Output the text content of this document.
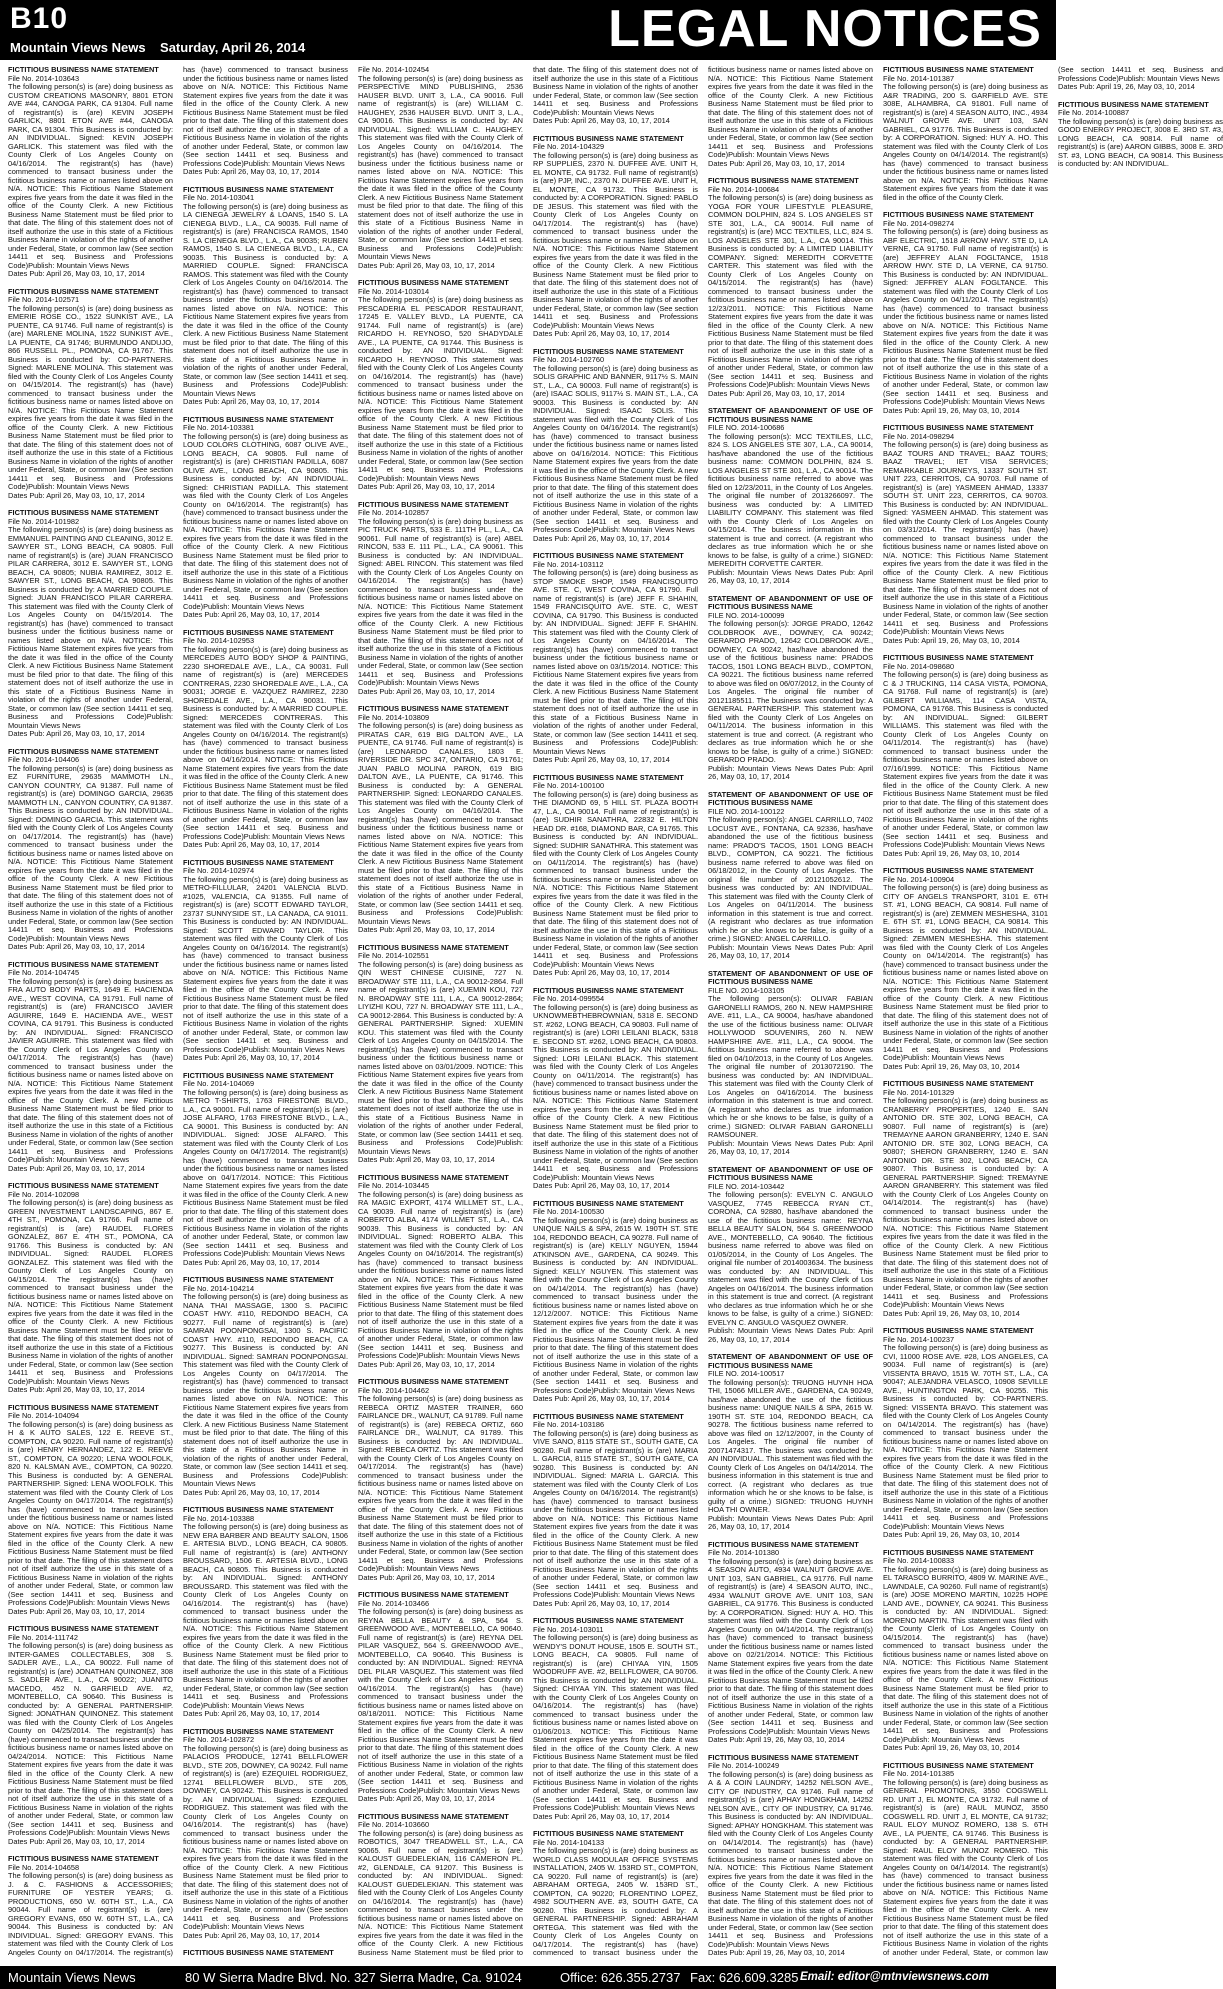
B10
Mountain Views News Saturday, April 26, 2014	LEGAL NOTICES
FICTITIOUS BUSINESS NAME STATEMENT
File No. 2014-103643
The following person(s) is (are) doing business as CUSTOM CREATIONS MASONRY, 8801 ETON AVE #44, CANOGA PARK, CA 91304. Full name of registrant(s) is (are) KEVIN JOSEPH GARLICK, 8801 ETON AVE #44, CANOGA PARK, CA 91304. This Business is conducted by: AN INDIVIDUAL. Signed: KEVIN JOSEPH GARLICK. This statement was filed with the County Clerk of Los Angeles County on 04/16/2014. The registrant(s) has (have) commenced to transact business under the fictitious business name or names listed above on N/A. NOTICE: This Fictitious Name Statement expires five years from the date it was filed in the office of the County Clerk. A new Fictitious Business Name Statement must be filed prior to that date. The filing of this statement does not of itself authorize the use in this state of a Fictitious Business Name in violation of the rights of another under Federal, State, or common law (See section 14411 et seq. Business and Professions Code)Publish: Mountain Views News
Dates Pub: April 26, May 03, 10, 17, 2014
FICTITIOUS BUSINESS NAME STATEMENT
File No. 2014-102571
The following person(s) is (are) doing business as EMERIE ROSE CO., 1522 SUNKIST AVE., LA PUENTE, CA 91746. Full name of registrant(s) is (are) MARLENE MOLINA, 1522 SUNKIST AVE., LA PUENTE, CA 91746; BURMUNDO ANDUJO, 866 RUSSELL PL., POMONA, CA 91767. This Business is conducted by: CO-PARTNERS. Signed: MARLENE MOLINA. This statement was filed with the County Clerk of Los Angeles County on 04/15/2014. The registrant(s) has (have) commenced to transact business under the fictitious business name or names listed above on N/A. NOTICE: This Fictitious Name Statement expires five years from the date it was filed in the office of the County Clerk. A new Fictitious Business Name Statement must be filed prior to that date. The filing of this statement does not of itself authorize the use in this state of a Fictitious Business Name in violation of the rights of another under Federal, State, or common law (See section 14411 et seq. Business and Professions Code)Publish: Mountain Views News
Dates Pub: April 26, May 03, 10, 17, 2014
FICTITIOUS BUSINESS NAME STATEMENT
File No. 2014-101982
The following person(s) is (are) doing business as EMMANUEL PAINTING AND CLEANING, 3012 E. SAWYER ST., LONG BEACH, CA 90805. Full name of registrant(s) is (are) JUAN FRANCISCO PILAR CARRERA, 3012 E. SAWYER ST., LONG BEACH, CA 90805; NUBIA RAMIREZ, 3012 E. SAWYER ST., LONG BEACH, CA 90805. This Business is conducted by: A MARRIED COUPLE. Signed: JUAN FRANCISCO PILAR CARRERA. This statement was filed with the County Clerk of Los Angeles County on 04/15/2014. The registrant(s) has (have) commenced to transact business under the fictitious business name or names listed above on N/A. NOTICE: This Fictitious Name Statement expires five years from the date it was filed in the office of the County Clerk. A new Fictitious Business Name Statement must be filed prior to that date. The filing of this statement does not of itself authorize the use in this state of a Fictitious Business Name in violation of the rights of another under Federal, State, or common law (See section 14411 et seq. Business and Professions Code)Publish: Mountain Views News
Dates Pub: April 26, May 03, 10, 17, 2014
FICTITIOUS BUSINESS NAME STATEMENT
File No. 2014-104406
The following person(s) is (are) doing business as EZ FURNITURE, 29635 MAMMOTH LN., CANYON COUNTRY, CA 91387. Full name of registrant(s) is (are) DOMINGO GARCIA, 29635 MAMMOTH LN., CANYON COUNTRY, CA 91387. This Business is conducted by: AN INDIVIDUAL. Signed: DOMINGO GARCIA. This statement was filed with the County Clerk of Los Angeles County on 04/17/2014. The registrant(s) has (have) commenced to transact business under the fictitious business name or names listed above on N/A. NOTICE: This Fictitious Name Statement expires five years from the date it was filed in the office of the County Clerk. A new Fictitious Business Name Statement must be filed prior to that date. The filing of this statement does not of itself authorize the use in this state of a Fictitious Business Name in violation of the rights of another under Federal, State, or common law (See section 14411 et seq. Business and Professions Code)Publish: Mountain Views News
Dates Pub: April 26, May 03, 10, 17, 2014
FICTITIOUS BUSINESS NAME STATEMENT
File No. 2014-104745
The following person(s) is (are) doing business as FRA AUTO BODY PARTS, 1649 E. HACIENDA AVE., WEST COVINA, CA 91791. Full name of registrant(s) is (are) FRANCISCO JAVIER AGUIRRE, 1649 E. HACIENDA AVE., WEST COVINA, CA 91791. This Business is conducted by: AN INDIVIDUAL. Signed: FRANCISCO JAVIER AGUIRRE. This statement was filed with the County Clerk of Los Angeles County on 04/17/2014. The registrant(s) has (have) commenced to transact business under the fictitious business name or names listed above on N/A. NOTICE: This Fictitious Name Statement expires five years from the date it was filed in the office of the County Clerk. A new Fictitious Business Name Statement must be filed prior to that date. The filing of this statement does not of itself authorize the use in this state of a Fictitious Business Name in violation of the rights of another under Federal, State, or common law (See section 14411 et seq. Business and Professions Code)Publish: Mountain Views News
Dates Pub: April 26, May 03, 10, 17, 2014
FICTITIOUS BUSINESS NAME STATEMENT
File No. 2014-102098
The following person(s) is (are) doing business as GREEN INVESTMENT LANDSCAPING, 867 E. 4TH ST., POMONA, CA 91766. Full name of registrant(s) is (are) RAUDEL FLORES GONZALEZ, 867 E. 4TH ST., POMONA, CA 91766. This Business is conducted by: AN INDIVIDUAL. Signed: RAUDEL FLORES GONZALEZ. This statement was filed with the County Clerk of Los Angeles County on 04/15/2014. The registrant(s) has (have) commenced to transact business under the fictitious business name or names listed above on N/A. NOTICE: This Fictitious Name Statement expires five years from the date it was filed in the office of the County Clerk. A new Fictitious Business Name Statement must be filed prior to that date. The filing of this statement does not of itself authorize the use in this state of a Fictitious Business Name in violation of the rights of another under Federal, State, or common law (See section 14411 et seq. Business and Professions Code)Publish: Mountain Views News
Dates Pub: April 26, May 03, 10, 17, 2014
FICTITIOUS BUSINESS NAME STATEMENT
File No. 2014-104094
The following person(s) is (are) doing business as H & K AUTO SALES, 122 E. REEVE ST., COMPTON, CA 90220. Full name of registrant(s) is (are) HENRY HERNANDEZ, 122 E. REEVE ST., COMPTON, CA 90220; LENA WOOLFOLK, 820 N. KALSMAN AVE., COMPTON, CA 90220. This Business is conducted by: A GENERAL PARTNERSHIP. Signed: LENA WOOLFOLK. This statement was filed with the County Clerk of Los Angeles County on 04/17/2014. The registrant(s) has (have) commenced to transact business under the fictitious business name or names listed above on N/A. NOTICE: This Fictitious Name Statement expires five years from the date it was filed in the office of the County Clerk. A new Fictitious Business Name Statement must be filed prior to that date. The filing of this statement does not of itself authorize the use in this state of a Fictitious Business Name in violation of the rights of another under Federal, State, or common law (See section 14411 et seq. Business and Professions Code)Publish: Mountain Views News
Dates Pub: April 26, May 03, 10, 17, 2014
FICTITIOUS BUSINESS NAME STATEMENT
File No. 2014-111742
The following person(s) is (are) doing business as INTER-GAMES COLLECTABLES, 308 S. SADLER AVE., L.A., CA 90022. Full name of registrant(s) is (are) JONATHAN QUINONEZ, 308 S. SADLER AVE., L.A., CA 90022; JUANITO MACEDO, 452 N. GARFIELD AVE. #2, MONTEBELLO, CA 90640. This Business is conducted by: A GENERAL PARTNERSHIP. Signed: JONATHAN QUINONEZ. This statement was filed with the County Clerk of Los Angeles County on 04/25/2014. The registrant(s) has (have) commenced to transact business under the fictitious business name or names listed above on 04/24/2014. NOTICE: This Fictitious Name Statement expires five years from the date it was filed in the office of the County Clerk. A new Fictitious Business Name Statement must be filed prior to that date. The filing of this statement does not of itself authorize the use in this state of a Fictitious Business Name in violation of the rights of another under Federal, State, or common law (See section 14411 et seq. Business and Professions Code)Publish: Mountain Views News
Dates Pub: April 26, May 03, 10, 17, 2014
FICTITIOUS BUSINESS NAME STATEMENT
File No. 2014-104658
The following person(s) is (are) doing business as J. & C. FASHIONS & ACCESSORIES; FURNITURE OF YESTER YEARS; G. PRODUCTIONS, 650 W. 60TH ST., L.A., CA 90044. Full name of registrant(s) is (are) GREGORY EVANS, 650 W. 60TH ST., L.A., CA 90044. This Business is conducted by: AN INDIVIDUAL. Signed: GREGORY EVANS. This statement was filed with the County Clerk of Los Angeles County on 04/17/2014. The registrant(s) has (have) commenced to transact business under the fictitious business name or names listed above on N/A. NOTICE: This Fictitious Name Statement expires five years from the date it was filed in the office of the County Clerk. A new Fictitious Business Name Statement must be filed prior to that date. The filing of this statement does not of itself authorize the use in this state of a Fictitious Business Name in violation of the rights of another under Federal, State, or common law (See section 14411 et seq. Business and Professions Code)Publish: Mountain Views News
Dates Pub: April 26, May 03, 10, 17, 2014
FICTITIOUS BUSINESS NAME STATEMENT
File No. 2014-103041
The following person(s) is (are) doing business as LA CIENEGA JEWELRY & LOANS, 1540 S. LA CIENEGA BLVD., L.A., CA 90035. Full name of registrant(s) is (are) FRANCISCA RAMOS, 1540 S. LA CIENEGA BLVD., L.A., CA 90035; RUBEN RAMOS, 1540 S. LA CIENEGA BLVD., L.A., CA 90035. This Business is conducted by: A MARRIED COUPLE. Signed: FRANCISCA RAMOS. This statement was filed with the County Clerk of Los Angeles County on 04/16/2014. The registrant(s) has (have) commenced to transact business under the fictitious business name or names listed above on N/A. NOTICE: This Fictitious Name Statement expires five years from the date it was filed in the office of the County Clerk. A new Fictitious Business Name Statement must be filed prior to that date. The filing of this statement does not of itself authorize the use in this state of a Fictitious Business Name in violation of the rights of another under Federal, State, or common law (See section 14411 et seq. Business and Professions Code)Publish: Mountain Views News
Dates Pub: April 26, May 03, 10, 17, 2014
FICTITIOUS BUSINESS NAME STATEMENT
File No. 2014-103381
The following person(s) is (are) doing business as LOUD COLORS CLOTHING, 6087 OLIVE AVE., LONG BEACH, CA 90805. Full name of registrant(s) is (are) CHRISTIAN PADILLA, 6087 OLIVE AVE., LONG BEACH, CA 90805. This Business is conducted by: AN INDIVIDUAL. Signed: CHRISTIAN PADILLA. This statement was filed with the County Clerk of Los Angeles County on 04/16/2014. The registrant(s) has (have) commenced to transact business under the fictitious business name or names listed above on N/A. NOTICE: This Fictitious Name Statement expires five years from the date it was filed in the office of the County Clerk. A new Fictitious Business Name Statement must be filed prior to that date. The filing of this statement does not of itself authorize the use in this state of a Fictitious Business Name in violation of the rights of another under Federal, State, or common law (See section 14411 et seq. Business and Professions Code)Publish: Mountain Views News
Dates Pub: April 26, May 03, 10, 17, 2014
FICTITIOUS BUSINESS NAME STATEMENT
File No. 2014-102953
The following person(s) is (are) doing business as MERCEDES AUTO BODY SHOP & PAINTING, 2230 SHOREDALE AVE., L.A., CA 90031. Full name of registrant(s) is (are) MERCEDES CONTRERAS, 2230 SHOREDALE AVE., L.A., CA 90031; JORGE E. VAZQUEZ RAMIREZ, 2230 SHOREDALE AVE., L.A., CA 90031. This Business is conducted by: A MARRIED COUPLE. Signed: MERCEDES CONTRERAS. This statement was filed with the County Clerk of Los Angeles County on 04/16/2014. The registrant(s) has (have) commenced to transact business under the fictitious business name or names listed above on 04/16/2014. NOTICE: This Fictitious Name Statement expires five years from the date it was filed in the office of the County Clerk. A new Fictitious Business Name Statement must be filed prior to that date. The filing of this statement does not of itself authorize the use in this state of a Fictitious Business Name in violation of the rights of another under Federal, State, or common law (See section 14411 et seq. Business and Professions Code)Publish: Mountain Views News
Dates Pub: April 26, May 03, 10, 17, 2014
FICTITIOUS BUSINESS NAME STATEMENT
File No. 2014-102974
The following person(s) is (are) doing business as METRO-FILLULAR, 24201 VALENCIA BLVD. #1025, VALENCIA, CA 91355. Full name of registrant(s) is (are) SCOTT EDWARD TAYLOR, 23737 SUNNYSIDE ST., LA CANADA, CA 91011. This Business is conducted by: AN INDIVIDUAL. Signed: SCOTT EDWARD TAYLOR. This statement was filed with the County Clerk of Los Angeles County on 04/16/2014. The registrant(s) has (have) commenced to transact business under the fictitious business name or names listed above on N/A. NOTICE: This Fictitious Name Statement expires five years from the date it was filed in the office of the County Clerk. A new Fictitious Business Name Statement must be filed prior to that date. The filing of this statement does not of itself authorize the use in this state of a Fictitious Business Name in violation of the rights of another under Federal, State, or common law (See section 14411 et seq. Business and Professions Code)Publish: Mountain Views News
Dates Pub: April 26, May 03, 10, 17, 2014
FICTITIOUS BUSINESS NAME STATEMENT
File No. 2014-104069
The following person(s) is (are) doing business as METRO T-SHIRTS, 1763 FIRESTONE BLVD., L.A., CA 90001. Full name of registrant(s) is (are) JOSE ALFARO, 1763 FIRESTONE BLVD., L.A., CA 90001. This Business is conducted by: AN INDIVIDUAL. Signed: JOSE ALFARO. This statement was filed with the County Clerk of Los Angeles County on 04/17/2014. The registrant(s) has (have) commenced to transact business under the fictitious business name or names listed above on 04/17/2014. NOTICE: This Fictitious Name Statement expires five years from the date it was filed in the office of the County Clerk. A new Fictitious Business Name Statement must be filed prior to that date. The filing of this statement does not of itself authorize the use in this state of a Fictitious Business Name in violation of the rights of another under Federal, State, or common law (See section 14411 et seq. Business and Professions Code)Publish: Mountain Views News
Dates Pub: April 26, May 03, 10, 17, 2014
FICTITIOUS BUSINESS NAME STATEMENT
File No. 2014-104214
The following person(s) is (are) doing business as NANA THAI MASSAGE, 1300 S. PACIFIC COAST HWY. #110, REDONDO BEACH, CA 90277. Full name of registrant(s) is (are) SAMRAN POONPONGSAI, 1300 S. PACIFIC COAST HWY. #110, REDONDO BEACH, CA 90277. This Business is conducted by: AN INDIVIDUAL. Signed: SAMRAN POONPONGSAI. This statement was filed with the County Clerk of Los Angeles County on 04/17/2014. The registrant(s) has (have) commenced to transact business under the fictitious business name or names listed above on N/A. NOTICE: This Fictitious Name Statement expires five years from the date it was filed in the office of the County Clerk. A new Fictitious Business Name Statement must be filed prior to that date. The filing of this statement does not of itself authorize the use in this state of a Fictitious Business Name in violation of the rights of another under Federal, State, or common law (See section 14411 et seq. Business and Professions Code)Publish: Mountain Views News
Dates Pub: April 26, May 03, 10, 17, 2014
FICTITIOUS BUSINESS NAME STATEMENT
File No. 2014-103388
The following person(s) is (are) doing business as NEW ERA BARBER AND BEAUTY SALON, 1506 E. ARTESIA BLVD., LONG BEACH, CA 90805. Full name of registrant(s) is (are) ANTHONY BROUSSARD, 1506 E. ARTESIA BLVD., LONG BEACH, CA 90805. This Business is conducted by: AN INDIVIDUAL. Signed: ANTHONY BROUSSARD. This statement was filed with the County Clerk of Los Angeles County on 04/16/2014. The registrant(s) has (have) commenced to transact business under the fictitious business name or names listed above on N/A. NOTICE: This Fictitious Name Statement expires five years from the date it was filed in the office of the County Clerk. A new Fictitious Business Name Statement must be filed prior to that date. The filing of this statement does not of itself authorize the use in this state of a Fictitious Business Name in violation of the rights of another under Federal, State, or common law (See section 14411 et seq. Business and Professions Code)Publish: Mountain Views News
Dates Pub: April 26, May 03, 10, 17, 2014
FICTITIOUS BUSINESS NAME STATEMENT
File No. 2014-102872
The following person(s) is (are) doing business as PALACIOS PRODUCE, 12741 BELLFLOWER BLVD., STE 205, DOWNEY, CA 90242. Full name of registrant(s) is (are) EZEQUIEL RODRIGUEZ, 12741 BELLFLOWER BLVD., STE 205, DOWNEY, CA 90242. This Business is conducted by: AN INDIVIDUAL. Signed: EZEQUIEL RODRIGUEZ. This statement was filed with the County Clerk of Los Angeles County on 04/16/2014. The registrant(s) has (have) commenced to transact business under the fictitious business name or names listed above on N/A. NOTICE: This Fictitious Name Statement expires five years from the date it was filed in the office of the County Clerk. A new Fictitious Business Name Statement must be filed prior to that date. The filing of this statement does not of itself authorize the use in this state of a Fictitious Business Name in violation of the rights of another under Federal, State, or common law (See section 14411 et seq. Business and Professions Code)Publish: Mountain Views News
Dates Pub: April 26, May 03, 10, 17, 2014
FICTITIOUS BUSINESS NAME STATEMENT
File No. 2014-102454
The following person(s) is (are) doing business as PERSPECTIVE MIND PUBLISHING, 2536 HAUSER BLVD. UNIT 3, L.A., CA 90016. Full name of registrant(s) is (are) WILLIAM C. HAUGHEY, 2536 HAUSER BLVD. UNIT 3, L.A., CA 90016. This Business is conducted by: AN INDIVIDUAL. Signed: WILLIAM C. HAUGHEY. This statement was filed with the County Clerk of Los Angeles County on 04/16/2014. The registrant(s) has (have) commenced to transact business under the fictitious business name or names listed above on N/A. NOTICE: This Fictitious Name Statement expires five years from the date it was filed in the office of the County Clerk. A new Fictitious Business Name Statement must be filed prior to that date. The filing of this statement does not of itself authorize the use in this state of a Fictitious Business Name in violation of the rights of another under Federal, State, or common law (See section 14411 et seq. Business and Professions Code)Publish: Mountain Views News
Dates Pub: April 26, May 03, 10, 17, 2014
FICTITIOUS BUSINESS NAME STATEMENT
File No. 2014-103014
The following person(s) is (are) doing business as PESCADERIA EL PESCADOR RESTAURANT, 17245 E. VALLEY BLVD., LA PUENTE, CA 91744. Full name of registrant(s) is (are) RICARDO H. REYNOSO, 520 SHADYDALE AVE., LA PUENTE, CA 91744. This Business is conducted by: AN INDIVIDUAL. Signed: RICARDO H. REYNOSO. This statement was filed with the County Clerk of Los Angeles County on 04/16/2014. The registrant(s) has (have) commenced to transact business under the fictitious business name or names listed above on N/A. NOTICE: This Fictitious Name Statement expires five years from the date it was filed in the office of the County Clerk. A new Fictitious Business Name Statement must be filed prior to that date. The filing of this statement does not of itself authorize the use in this state of a Fictitious Business Name in violation of the rights of another under Federal, State, or common law (See section 14411 et seq. Business and Professions Code)Publish: Mountain Views News
Dates Pub: April 26, May 03, 10, 17, 2014
FICTITIOUS BUSINESS NAME STATEMENT
File No. 2014-102857
The following person(s) is (are) doing business as PIC TRUCK PARTS, 533 E. 111TH PL., L.A., CA 90061. Full name of registrant(s) is (are) ABEL RINCON, 533 E. 111 PL., L.A., CA 90061. This Business is conducted by: AN INDIVIDUAL. Signed: ABEL RINCON. This statement was filed with the County Clerk of Los Angeles County on 04/16/2014. The registrant(s) has (have) commenced to transact business under the fictitious business name or names listed above on N/A. NOTICE: This Fictitious Name Statement expires five years from the date it was filed in the office of the County Clerk. A new Fictitious Business Name Statement must be filed prior to that date. The filing of this statement does not of itself authorize the use in this state of a Fictitious Business Name in violation of the rights of another under Federal, State, or common law (See section 14411 et seq. Business and Professions Code)Publish: Mountain Views News
Dates Pub: April 26, May 03, 10, 17, 2014
FICTITIOUS BUSINESS NAME STATEMENT
File No. 2014-103809
The following person(s) is (are) doing business as PIRATAS CAR, 619 BIG DALTON AVE., LA PUENTE, CA 91746. Full name of registrant(s) is (are) LEONARDO CANALES, 1803 E. RIVERSIDE DR. SPC 347, ONTARIO, CA 91761; JUAN PABLO MOLINA PARON, 619 BIG DALTON AVE., LA PUENTE, CA 91746. This Business is conducted by: A GENERAL PARTNERSHIP. Signed: LEONARDO CANALES. This statement was filed with the County Clerk of Los Angeles County on 04/16/2014. The registrant(s) has (have) commenced to transact business under the fictitious business name or names listed above on N/A. NOTICE: This Fictitious Name Statement expires five years from the date it was filed in the office of the County Clerk. A new Fictitious Business Name Statement must be filed prior to that date. The filing of this statement does not of itself authorize the use in this state of a Fictitious Business Name in violation of the rights of another under Federal, State, or common law (See section 14411 et seq. Business and Professions Code)Publish: Mountain Views News
Dates Pub: April 26, May 03, 10, 17, 2014
FICTITIOUS BUSINESS NAME STATEMENT
File No. 2014-102551
The following person(s) is (are) doing business as QIN WEST CHINESE CUISINE, 727 N. BROADWAY STE 111, L.A., CA 90012-2864. Full name of registrant(s) is (are) XUEMIN KOU, 727 N. BROADWAY STE 111, L.A., CA 90012-2864; LIYIZHI KOU, 727 N. BROADWAY STE 111, L.A., CA 90012-2864. This Business is conducted by: A GENERAL PARTNERSHIP. Signed: XUEMIN KOU. This statement was filed with the County Clerk of Los Angeles County on 04/15/2014. The registrant(s) has (have) commenced to transact business under the fictitious business name or names listed above on 03/01/2009. NOTICE: This Fictitious Name Statement expires five years from the date it was filed in the office of the County Clerk. A new Fictitious Business Name Statement must be filed prior to that date. The filing of this statement does not of itself authorize the use in this state of a Fictitious Business Name in violation of the rights of another under Federal, State, or common law (See section 14411 et seq. Business and Professions Code)Publish: Mountain Views News
Dates Pub: April 26, May 03, 10, 17, 2014
FICTITIOUS BUSINESS NAME STATEMENT
File No. 2014-103445
The following person(s) is (are) doing business as RA MAGIC EXPORT, 4174 WILLMET ST., L.A., CA 90039. Full name of registrant(s) is (are) ROBERTO ALBA, 4174 WILLMET ST., L.A., CA 90039. This Business is conducted by: AN INDIVIDUAL. Signed: ROBERTO ALBA. This statement was filed with the County Clerk of Los Angeles County on 04/16/2014. The registrant(s) has (have) commenced to transact business under the fictitious business name or names listed above on N/A. NOTICE: This Fictitious Name Statement expires five years from the date it was filed in the office of the County Clerk. A new Fictitious Business Name Statement must be filed prior to that date. The filing of this statement does not of itself authorize the use in this state of a Fictitious Business Name in violation of the rights of another under Federal, State, or common law (See section 14411 et seq. Business and Professions Code)Publish: Mountain Views News
Dates Pub: April 26, May 03, 10, 17, 2014
FICTITIOUS BUSINESS NAME STATEMENT
File No. 2014-104462
The following person(s) is (are) doing business as REBECA ORTIZ MASTER TRAINER, 660 FAIRLANCE DR., WALNUT, CA 91789. Full name of registrant(s) is (are) REBECA ORTIZ, 660 FAIRLANCE DR., WALNUT, CA 91789. This Business is conducted by: AN INDIVIDUAL. Signed: REBECA ORTIZ. This statement was filed with the County Clerk of Los Angeles County on 04/17/2014. The registrant(s) has (have) commenced to transact business under the fictitious business name or names listed above on N/A. NOTICE: This Fictitious Name Statement expires five years from the date it was filed in the office of the County Clerk. A new Fictitious Business Name Statement must be filed prior to that date. The filing of this statement does not of itself authorize the use in this state of a Fictitious Business Name in violation of the rights of another under Federal, State, or common law (See section 14411 et seq. Business and Professions Code)Publish: Mountain Views News
Dates Pub: April 26, May 03, 10, 17, 2014
FICTITIOUS BUSINESS NAME STATEMENT
File No. 2014-103466
The following person(s) is (are) doing business as REYNA BELLA BEAUTY & SPA, 564 S. GREENWOOD AVE., MONTEBELLO, CA 90640. Full name of registrant(s) is (are) REYNA DEL PILAR VASQUEZ, 564 S. GREENWOOD AVE., MONTEBELLO, CA 90640. This Business is conducted by: AN INDIVIDUAL. Signed: REYNA DEL PILAR VASQUEZ. This statement was filed with the County Clerk of Los Angeles County on 04/16/2014. The registrant(s) has (have) commenced to transact business under the fictitious business name or names listed above on 08/18/2011. NOTICE: This Fictitious Name Statement expires five years from the date it was filed in the office of the County Clerk. A new Fictitious Business Name Statement must be filed prior to that date. The filing of this statement does not of itself authorize the use in this state of a Fictitious Business Name in violation of the rights of another under Federal, State, or common law (See section 14411 et seq. Business and Professions Code)Publish: Mountain Views News
Dates Pub: April 26, May 03, 10, 17, 2014
FICTITIOUS BUSINESS NAME STATEMENT
File No. 2014-103660
The following person(s) is (are) doing business as ROBOTICS, 3047 TREADWELL ST., L.A., CA 90065. Full name of registrant(s) is (are) KALOUST GUEDELEKIAN, 116 CAMERON PL. #2, GLENDALE, CA 91207. This Business is conducted by: AN INDIVIDUAL. Signed: KALOUST GUEDELEKIAN. This statement was filed with the County Clerk of Los Angeles County on 04/16/2014. The registrant(s) has (have) commenced to transact business under the fictitious business name or names listed above on N/A. NOTICE: This Fictitious Name Statement expires five years from the date it was filed in the office of the County Clerk. A new Fictitious Business Name Statement must be filed prior to that date. The filing of this statement does not of itself authorize the use in this state of a Fictitious Business Name in violation of the rights of another under Federal, State, or common law (See section 14411 et seq. Business and Professions Code)Publish: Mountain Views News
Dates Pub: April 26, May 03, 10, 17, 2014
FICTITIOUS BUSINESS NAME STATEMENT
File No. 2014-104329
The following person(s) is (are) doing business as RP SUPPLIES, 2370 N. DUFFEE AVE. UNIT H, EL MONTE, CA 91732. Full name of registrant(s) is (are) PJP, INC., 2370 N. DUFFEE AVE. UNIT H, EL MONTE, CA 91732. This Business is conducted by: A CORPORATION. Signed: PABLO DE JESUS. This statement was filed with the County Clerk of Los Angeles County on 04/17/2014. The registrant(s) has (have) commenced to transact business under the fictitious business name or names listed above on N/A. NOTICE: This Fictitious Name Statement expires five years from the date it was filed in the office of the County Clerk. A new Fictitious Business Name Statement must be filed prior to that date. The filing of this statement does not of itself authorize the use in this state of a Fictitious Business Name in violation of the rights of another under Federal, State, or common law (See section 14411 et seq. Business and Professions Code)Publish: Mountain Views News
Dates Pub: April 26, May 03, 10, 17, 2014
FICTITIOUS BUSINESS NAME STATEMENT
File No. 2014-102760
The following person(s) is (are) doing business as SOLIS GRAPHIC AND BANNER, 9117½ S. MAIN ST., L.A., CA 90003. Full name of registrant(s) is (are) ISAAC SOLIS, 9117½ S. MAIN ST., L.A., CA 90003. This Business is conducted by: AN INDIVIDUAL. Signed: ISAAC SOLIS. This statement was filed with the County Clerk of Los Angeles County on 04/16/2014. The registrant(s) has (have) commenced to transact business under the fictitious business name or names listed above on 04/16/2014. NOTICE: This Fictitious Name Statement expires five years from the date it was filed in the office of the County Clerk. A new Fictitious Business Name Statement must be filed prior to that date. The filing of this statement does not of itself authorize the use in this state of a Fictitious Business Name in violation of the rights of another under Federal, State, or common law (See section 14411 et seq. Business and Professions Code)Publish: Mountain Views News
Dates Pub: April 26, May 03, 10, 17, 2014
FICTITIOUS BUSINESS NAME STATEMENT
File No. 2014-103112
The following person(s) is (are) doing business as STOP SMOKE SHOP, 1549 FRANCISQUITO AVE. STE. C, WEST COVINA, CA 91790. Full name of registrant(s) is (are) JEFF F. SHAHIN, 1549 FRANCISQUITO AVE. STE. C, WEST COVINA, CA 91790. This Business is conducted by: AN INDIVIDUAL. Signed: JEFF F. SHAHIN. This statement was filed with the County Clerk of Los Angeles County on 04/16/2014. The registrant(s) has (have) commenced to transact business under the fictitious business name or names listed above on 03/15/2014. NOTICE: This Fictitious Name Statement expires five years from the date it was filed in the office of the County Clerk. A new Fictitious Business Name Statement must be filed prior to that date. The filing of this statement does not of itself authorize the use in this state of a Fictitious Business Name in violation of the rights of another under Federal, State, or common law (See section 14411 et seq. Business and Professions Code)Publish: Mountain Views News
Dates Pub: April 26, May 03, 10, 17, 2014
FICTITIOUS BUSINESS NAME STATEMENT
File No. 2014-100100
The following person(s) is (are) doing business as THE DIAMOND 69, 5 HILL ST. PLAZA BOOTH 47, L.A., CA 90014. Full name of registrant(s) is (are) SUDHIR SANATHRA, 22832 E. HILTON HEAD DR. #168, DIAMOND BAR, CA 91765. This Business is conducted by: AN INDIVIDUAL. Signed: SUDHIR SANATHRA. This statement was filed with the County Clerk of Los Angeles County on 04/11/2014. The registrant(s) has (have) commenced to transact business under the fictitious business name or names listed above on N/A. NOTICE: This Fictitious Name Statement expires five years from the date it was filed in the office of the County Clerk. A new Fictitious Business Name Statement must be filed prior to that date. The filing of this statement does not of itself authorize the use in this state of a Fictitious Business Name in violation of the rights of another under Federal, State, or common law (See section 14411 et seq. Business and Professions Code)Publish: Mountain Views News
Dates Pub: April 26, May 03, 10, 17, 2014
FICTITIOUS BUSINESS NAME STATEMENT
File No. 2014-099554
The following person(s) is (are) doing business as UKNOWMEBTHEBROWNIAN, 5318 E. SECOND ST. #262, LONG BEACH, CA 90803. Full name of registrant(s) is (are) LORI LEILANI BLACK, 5318 E. SECOND ST. #262, LONG BEACH, CA 90803. This Business is conducted by: AN INDIVIDUAL. Signed: LORI LEILANI BLACK. This statement was filed with the County Clerk of Los Angeles County on 04/11/2014. The registrant(s) has (have) commenced to transact business under the fictitious business name or names listed above on N/A. NOTICE: This Fictitious Name Statement expires five years from the date it was filed in the office of the County Clerk. A new Fictitious Business Name Statement must be filed prior to that date. The filing of this statement does not of itself authorize the use in this state of a Fictitious Business Name in violation of the rights of another under Federal, State, or common law (See section 14411 et seq. Business and Professions Code)Publish: Mountain Views News
Dates Pub: April 26, May 03, 10, 17, 2014
FICTITIOUS BUSINESS NAME STATEMENT
File No. 2014-100530
The following person(s) is (are) doing business as UNIQUE NAILS & SPA, 2615 W. 190TH ST. STE 104, REDONDO BEACH, CA 90278. Full name of registrant(s) is (are) KELLY NGUYEN, 15944 ATKINSON AVE., GARDENA, CA 90249. This Business is conducted by: AN INDIVIDUAL. Signed: KELLY NGUYEN. This statement was filed with the County Clerk of Los Angeles County on 04/14/2014. The registrant(s) has (have) commenced to transact business under the fictitious business name or names listed above on 12/12/2007. NOTICE: This Fictitious Name Statement expires five years from the date it was filed in the office of the County Clerk. A new Fictitious Business Name Statement must be filed prior to that date. The filing of this statement does not of itself authorize the use in this state of a Fictitious Business Name in violation of the rights of another under Federal, State, or common law (See section 14411 et seq. Business and Professions Code)Publish: Mountain Views News
Dates Pub: April 26, May 03, 10, 17, 2014
FICTITIOUS BUSINESS NAME STATEMENT
File No. 2014-103186
The following person(s) is (are) doing business as VIVE SANO, 8115 STATE ST., SOUTH GATE, CA 90280. Full name of registrant(s) is (are) MARIA L. GARCIA, 8115 STATE ST., SOUTH GATE, CA 90280. This Business is conducted by: AN INDIVIDUAL. Signed: MARIA L. GARCIA. This statement was filed with the County Clerk of Los Angeles County on 04/16/2014. The registrant(s) has (have) commenced to transact business under the fictitious business name or names listed above on N/A. NOTICE: This Fictitious Name Statement expires five years from the date it was filed in the office of the County Clerk. A new Fictitious Business Name Statement must be filed prior to that date. The filing of this statement does not of itself authorize the use in this state of a Fictitious Business Name in violation of the rights of another under Federal, State, or common law (See section 14411 et seq. Business and Professions Code)Publish: Mountain Views News
Dates Pub: April 26, May 03, 10, 17, 2014
FICTITIOUS BUSINESS NAME STATEMENT
File No. 2014-103011
The following person(s) is (are) doing business as WENDY'S DONUT HOUSE, 1505 E. SOUTH ST., LONG BEACH, CA 90805. Full name of registrant(s) is (are) CHIYAA YIN, 1505 WOODRUFF AVE. #2, BELLFLOWER, CA 90706. This Business is conducted by: AN INDIVIDUAL. Signed: CHIYAA YIN. This statement was filed with the County Clerk of Los Angeles County on 04/16/2014. The registrant(s) has (have) commenced to transact business under the fictitious business name or names listed above on 01/06/2013. NOTICE: This Fictitious Name Statement expires five years from the date it was filed in the office of the County Clerk. A new Fictitious Business Name Statement must be filed prior to that date. The filing of this statement does not of itself authorize the use in this state of a Fictitious Business Name in violation of the rights of another under Federal, State, or common law (See section 14411 et seq. Business and Professions Code)Publish: Mountain Views News
Dates Pub: April 26, May 03, 10, 17, 2014
FICTITIOUS BUSINESS NAME STATEMENT
File No. 2014-104133
The following person(s) is (are) doing business as WORLD CLASS MODULAR OFFICE SYSTEMS INSTALLATION, 2405 W. 153RD ST., COMPTON, CA 90220. Full name of registrant(s) is (are) ABRAHAM ORTEGA, 2405 W. 153RD ST., COMPTON, CA 90220; FLORENTINO LOPEZ, 4982 SOUTHERN AVE. #3, SOUTH GATE, CA 90280. This Business is conducted by: A GENERAL PARTNERSHIP. Signed: ABRAHAM ORTEGA. This statement was filed with the County Clerk of Los Angeles County on 04/17/2014. The registrant(s) has (have) commenced to transact business under the fictitious business name or names listed above on N/A. NOTICE: This Fictitious Name Statement expires five years from the date it was filed in the office of the County Clerk. A new Fictitious Business Name Statement must be filed prior to that date. The filing of this statement does not of itself authorize the use in this state of a Fictitious Business Name in violation of the rights of another under Federal, State, or common law (See section 14411 et seq. Business and Professions Code)Publish: Mountain Views News
Dates Pub: April 26, May 03, 10, 17, 2014
FICTITIOUS BUSINESS NAME STATEMENT
File No. 2014-100684
The following person(s) is (are) doing business as YOGA FOR YOUR LIFESTYLE PLEASURE, COMMON DOLPHIN, 824 S. LOS ANGELES ST STE 301, L.A., CA 90014. Full name of registrant(s) is (are) MCC TEXTILES, LLC, 824 S. LOS ANGELES STE 301, L.A., CA 90014. This Business is conducted by: A LIMITED LIABILITY COMPANY. Signed: MEREDITH CORVETTE CARTER. This statement was filed with the County Clerk of Los Angeles County on 04/15/2014. The registrant(s) has (have) commenced to transact business under the fictitious business name or names listed above on 12/23/2011. NOTICE: This Fictitious Name Statement expires five years from the date it was filed in the office of the County Clerk. A new Fictitious Business Name Statement must be filed prior to that date. The filing of this statement does not of itself authorize the use in this state of a Fictitious Business Name in violation of the rights of another under Federal, State, or common law (See section 14411 et seq. Business and Professions Code)Publish: Mountain Views News
Dates Pub: April 26, May 03, 10, 17, 2014
STATEMENT OF ABANDONMENT OF USE OF FICTITIOUS BUSINESS NAME
FILE NO. 2014-100686
The following person(s): MCC TEXTILES, LLC, 824 S. LOS ANGELES STE 307, L.A., CA 90014, has/have abandoned the use of the fictitious business name: COMMON DOLPHIN, 824 S. LOS ANGELES ST STE 301, L.A., CA 90014. The fictitious business name referred to above was filed on 12/23/2011, in the County of Los Angeles. The original file number of 2013266097. The business was conducted by: A LIMITED LIABILITY COMPANY. This statement was filed with the County Clerk of Los Angeles on 04/15/2014. The business information in this statement is true and correct. (A registrant who declares as true information which he or she knows to be false, is guilty of a crime.) SIGNED: MEREDITH CORVETTE CARTER.
Publish: Mountain Views News Dates Pub: April 26, May 03, 10, 17, 2014
STATEMENT OF ABANDONMENT OF USE OF FICTITIOUS BUSINESS NAME
FILE NO. 2014-100099
The following person(s): JORGE PRADO, 12642 COLDBROOK AVE., DOWNEY, CA 90242; GERARDO PRADO, 12642 COLDBROOK AVE., DOWNEY, CA 90242, has/have abandoned the use of the fictitious business name: PRADOS TACOS, 1501 LONG BEACH BLVD., COMPTON, CA 90221. The fictitious business name referred to above was filed on 06/07/2012, in the County of Los Angeles. The original file number of 20121185511. The business was conducted by: A GENERAL PARTNERSHIP. This statement was filed with the County Clerk of Los Angeles on 04/11/2014. The business information in this statement is true and correct. (A registrant who declares as true information which he or she knows to be false, is guilty of a crime.) SIGNED: GERARDO PRADO.
Publish: Mountain Views News Dates Pub: April 26, May 03, 10, 17, 2014
STATEMENT OF ABANDONMENT OF USE OF FICTITIOUS BUSINESS NAME
FILE NO. 2014-100122
The following person(s): ANGEL CARRILLO, 7402 LOCUST AVE., FONTANA, CA 92336, has/have abandoned the use of the fictitious business name: PRADO'S TACOS, 1501 LONG BEACH BLVD., COMPTON, CA 90221. The fictitious business name referred to above was filed on 06/18/2012, in the County of Los Angeles. The original file number of 20121052612. The business was conducted by: AN INDIVIDUAL. This statement was filed with the County Clerk of Los Angeles on 04/11/2014. The business information in this statement is true and correct. (A registrant who declares as true information which he or she knows to be false, is guilty of a crime.) SIGNED: ANGEL CARRILLO.
Publish: Mountain Views News Dates Pub: April 26, May 03, 10, 17, 2014
STATEMENT OF ABANDONMENT OF USE OF FICTITIOUS BUSINESS NAME
FILE NO. 2014-103105
The following person(s): OLIVAR FABIAN GARONELLI RAMOS, 260 N. NEW HAMPSHIRE AVE. #11, L.A., CA 90004, has/have abandoned the use of the fictitious business name: OLIVAR HOLLYWOOD SOUVENIRS, 260 N. NEW HAMPSHIRE AVE. #11, L.A., CA 90004. The fictitious business name referred to above was filed on 04/10/2013, in the County of Los Angeles. The original file number of 2013072190. The business was conducted by: AN INDIVIDUAL. This statement was filed with the County Clerk of Los Angeles on 04/16/2014. The business information in this statement is true and correct. (A registrant who declares as true information which he or she knows to be false, is guilty of a crime.) SIGNED: OLIVAR FABIAN GARONELLI RAMSOUNER.
Publish: Mountain Views News Dates Pub: April 26, May 03, 10, 17, 2014
STATEMENT OF ABANDONMENT OF USE OF FICTITIOUS BUSINESS NAME
FILE NO. 2014-103442
The following person(s): EVELYN C. ANGULO VASQUEZ, 7745 REBECCA RYAN CT., CORONA, CA 92880, has/have abandoned the use of the fictitious business name: REYNA BELLA BEAUTY SALON, 564 S. GREENWOOD AVE., MONTEBELLO, CA 90640. The fictitious business name referred to above was filed on 01/05/2014, in the County of Los Angeles. The original file number of 2014003634. The business was conducted by: AN INDIVIDUAL. This statement was filed with the County Clerk of Los Angeles on 04/16/2014. The business information in this statement is true and correct. (A registrant who declares as true information which he or she knows to be false, is guilty of a crime.) SIGNED: EVELYN C. ANGULO VASQUEZ OWNER.
Publish: Mountain Views News Dates Pub: April 26, May 03, 10, 17, 2014
STATEMENT OF ABANDONMENT OF USE OF FICTITIOUS BUSINESS NAME
FILE NO. 2014-100517
The following person(s): TRUONG HUYNH HOA THI, 15066 MILLER AVE., GARDENA, CA 90249, has/have abandoned the use of the fictitious business name: UNIQUE NAILS & SPA, 2615 W. 190TH ST. STE 104, REDONDO BEACH, CA 90278. The fictitious business name referred to above was filed on 12/12/2007, in the County of Los Angeles. The original file number of 20071474317. The business was conducted by: AN INDIVIDUAL. This statement was filed with the County Clerk of Los Angeles on 04/14/2014. The business information in this statement is true and correct. (A registrant who declares as true information which he or she knows to be false, is guilty of a crime.) SIGNED: TRUONG HUYNH HOA THI OWNER.
Publish: Mountain Views News Dates Pub: April 26, May 03, 10, 17, 2014
FICTITIOUS BUSINESS NAME STATEMENT
File No. 2014-101380
The following person(s) is (are) doing business as 4 SEASON AUTO, 4934 WALNUT GROVE AVE. UNIT 103, SAN GABRIEL, CA 91776. Full name of registrant(s) is (are) 4 SEASON AUTO, INC., 4934 WALNUT GROVE AVE. UNIT 103, SAN GABRIEL, CA 91776. This Business is conducted by: A CORPORATION. Signed: HUY A. HO. This statement was filed with the County Clerk of Los Angeles County on 04/14/2014. The registrant(s) has (have) commenced to transact business under the fictitious business name or names listed above on 02/21/2014. NOTICE: This Fictitious Name Statement expires five years from the date it was filed in the office of the County Clerk. A new Fictitious Business Name Statement must be filed prior to that date. The filing of this statement does not of itself authorize the use in this state of a Fictitious Business Name in violation of the rights of another under Federal, State, or common law (See section 14411 et seq. Business and Professions Code)Publish: Mountain Views News
Dates Pub: April 19, 26, May 03, 10, 2014
FICTITIOUS BUSINESS NAME STATEMENT
File No. 2014-100249
The following person(s) is (are) doing business as A & A COIN LAUNDRY, 14252 NELSON AVE., CITY OF INDUSTRY, CA 91746. Full name of registrant(s) is (are) APHAY HONGKHAM, 14252 NELSON AVE., CITY OF INDUSTRY, CA 91746. This Business is conducted by: AN INDIVIDUAL. Signed: APHAY HONGKHAM. This statement was filed with the County Clerk of Los Angeles County on 04/14/2014. The registrant(s) has (have) commenced to transact business under the fictitious business name or names listed above on N/A. NOTICE: This Fictitious Name Statement expires five years from the date it was filed in the office of the County Clerk. A new Fictitious Business Name Statement must be filed prior to that date. The filing of this statement does not of itself authorize the use in this state of a Fictitious Business Name in violation of the rights of another under Federal, State, or common law (See section 14411 et seq. Business and Professions Code)Publish: Mountain Views News
Dates Pub: April 19, 26, May 03, 10, 2014
FICTITIOUS BUSINESS NAME STATEMENT
File No. 2014-101387
The following person(s) is (are) doing business as A&R TRADING, 200 S. GARFIELD AVE. STE 308E, ALHAMBRA, CA 91801. Full name of registrant(s) is (are) 4 SEASON AUTO, INC., 4934 WALNUT GROVE AVE. UNIT 103, SAN GABRIEL, CA 91776. This Business is conducted by: A CORPORATION. Signed: HUY A. HO. This statement was filed with the County Clerk of Los Angeles County on 04/14/2014. The registrant(s) has (have) commenced to transact business under the fictitious business name or names listed above on N/A. NOTICE: This Fictitious Name Statement expires five years from the date it was filed in the office of the County Clerk.
FICTITIOUS BUSINESS NAME STATEMENT
File No. 2014-098274
The following person(s) is (are) doing business as ABF ELECTRIC, 1518 ARROW HWY. STE D, LA VERNE, CA 91750. Full name of registrant(s) is (are) JEFFREY ALAN FOGLTANCE, 1518 ARROW HWY. STE D, LA VERNE, CA 91750. This Business is conducted by: AN INDIVIDUAL. Signed: JEFFREY ALAN FOGLTANCE. This statement was filed with the County Clerk of Los Angeles County on 04/11/2014. The registrant(s) has (have) commenced to transact business under the fictitious business name or names listed above on N/A. NOTICE: This Fictitious Name Statement expires five years from the date it was filed in the office of the County Clerk. A new Fictitious Business Name Statement must be filed prior to that date. The filing of this statement does not of itself authorize the use in this state of a Fictitious Business Name in violation of the rights of another under Federal, State, or common law (See section 14411 et seq. Business and Professions Code)Publish: Mountain Views News
Dates Pub: April 19, 26, May 03, 10, 2014
FICTITIOUS BUSINESS NAME STATEMENT
File No. 2014-098294
The following person(s) is (are) doing business as BAAZ TOURS AND TRAVEL; BAAZ TOURS; BAAZ TRAVEL; IET VISA SERVICES; REMARKABLE JOURNEYS, 13337 SOUTH ST. UNIT 223, CERRITOS, CA 90703. Full name of registrant(s) is (are) YASMEEN AHMAD, 13337 SOUTH ST. UNIT 223, CERRITOS, CA 90703. This Business is conducted by: AN INDIVIDUAL. Signed: YASMEEN AHMAD. This statement was filed with the County Clerk of Los Angeles County on 03/31/2014. The registrant(s) has (have) commenced to transact business under the fictitious business name or names listed above on N/A. NOTICE: This Fictitious Name Statement expires five years from the date it was filed in the office of the County Clerk. A new Fictitious Business Name Statement must be filed prior to that date. The filing of this statement does not of itself authorize the use in this state of a Fictitious Business Name in violation of the rights of another under Federal, State, or common law (See section 14411 et seq. Business and Professions Code)Publish: Mountain Views News
Dates Pub: April 19, 26, May 03, 10, 2014
FICTITIOUS BUSINESS NAME STATEMENT
File No. 2014-098680
The following person(s) is (are) doing business as C & J TRUCKING, 114 CASA VISTA, POMONA, CA 91768. Full name of registrant(s) is (are) GILBERT WILLIAMS, 114 CASA VISTA, POMONA, CA 91768. This Business is conducted by: AN INDIVIDUAL. Signed: GILBERT WILLIAMS. This statement was filed with the County Clerk of Los Angeles County on 04/11/2014. The registrant(s) has (have) commenced to transact business under the fictitious business name or names listed above on 07/16/1999. NOTICE: This Fictitious Name Statement expires five years from the date it was filed in the office of the County Clerk. A new Fictitious Business Name Statement must be filed prior to that date. The filing of this statement does not of itself authorize the use in this state of a Fictitious Business Name in violation of the rights of another under Federal, State, or common law (See section 14411 et seq. Business and Professions Code)Publish: Mountain Views News
Dates Pub: April 19, 26, May 03, 10, 2014
FICTITIOUS BUSINESS NAME STATEMENT
File No. 2014-100904
The following person(s) is (are) doing business as CITY OF ANGELS TRANSPORT, 3101 E. 6TH ST. #1, LONG BEACH, CA 90814. Full name of registrant(s) is (are) ZEMMEN MESHESHA, 3101 E. 6TH ST. #1, LONG BEACH, CA 90814. This Business is conducted by: AN INDIVIDUAL. Signed: ZEMMEN MESHESHA. This statement was filed with the County Clerk of Los Angeles County on 04/14/2014. The registrant(s) has (have) commenced to transact business under the fictitious business name or names listed above on N/A. NOTICE: This Fictitious Name Statement expires five years from the date it was filed in the office of the County Clerk. A new Fictitious Business Name Statement must be filed prior to that date. The filing of this statement does not of itself authorize the use in this state of a Fictitious Business Name in violation of the rights of another under Federal, State, or common law (See section 14411 et seq. Business and Professions Code)Publish: Mountain Views News
Dates Pub: April 19, 26, May 03, 10, 2014
FICTITIOUS BUSINESS NAME STATEMENT
File No. 2014-101329
The following person(s) is (are) doing business as CRANBERRY PROPERTIES, 1240 E. SAN ANTONIO DR. STE 302, LONG BEACH, CA 90807. Full name of registrant(s) is (are) TREMAYNE AARON GRANBERRY, 1240 E. SAN ANTONIO DR. STE 302, LONG BEACH, CA 90807; SHERON GRANBERRY, 1240 E. SAN ANTONIO DR. STE 302, LONG BEACH, CA 90807. This Business is conducted by: A GENERAL PARTNERSHIP. Signed: TREMAYNE AARON GRANBERRY. This statement was filed with the County Clerk of Los Angeles County on 04/14/2014. The registrant(s) has (have) commenced to transact business under the fictitious business name or names listed above on N/A. NOTICE: This Fictitious Name Statement expires five years from the date it was filed in the office of the County Clerk. A new Fictitious Business Name Statement must be filed prior to that date. The filing of this statement does not of itself authorize the use in this state of a Fictitious Business Name in violation of the rights of another under Federal, State, or common law (See section 14411 et seq. Business and Professions Code)Publish: Mountain Views News
Dates Pub: April 19, 26, May 03, 10, 2014
FICTITIOUS BUSINESS NAME STATEMENT
File No. 2014-100237
The following person(s) is (are) doing business as CVI, 11000 ROSE AVE. #28, LOS ANGELES, CA 90034. Full name of registrant(s) is (are) VISSENTA BRAVO, 1515 W. 70TH ST., L.A., CA 90047; ALEJANDRA VELASCO, 10908 SEVILLE AVE., HUNTINGTON PARK, CA 90255. This Business is conducted by: CO-PARTNERS. Signed: VISSENTA BRAVO. This statement was filed with the County Clerk of Los Angeles County on 04/14/2014. The registrant(s) has (have) commenced to transact business under the fictitious business name or names listed above on N/A. NOTICE: This Fictitious Name Statement expires five years from the date it was filed in the office of the County Clerk. A new Fictitious Business Name Statement must be filed prior to that date. The filing of this statement does not of itself authorize the use in this state of a Fictitious Business Name in violation of the rights of another under Federal, State, or common law (See section 14411 et seq. Business and Professions Code)Publish: Mountain Views News
Dates Pub: April 19, 26, May 03, 10, 2014
FICTITIOUS BUSINESS NAME STATEMENT
File No. 2014-100833
The following person(s) is (are) doing business as EL TARASCO BURRITO, 4809 W. MARINE AVE., LAWNDALE, CA 90260. Full name of registrant(s) is (are) JOSE MORENO MARTIN, 10225 HOPE LAND AVE., DOWNEY, CA 90241. This Business is conducted by: AN INDIVIDUAL. Signed: MORENO MARTIN. This statement was filed with the County Clerk of Los Angeles County on 04/15/2014. The registrant(s) has (have) commenced to transact business under the fictitious business name or names listed above on N/A. NOTICE: This Fictitious Name Statement expires five years from the date it was filed in the office of the County Clerk. A new Fictitious Business Name Statement must be filed prior to that date. The filing of this statement does not of itself authorize the use in this state of a Fictitious Business Name in violation of the rights of another under Federal, State, or common law (See section 14411 et seq. Business and Professions Code)Publish: Mountain Views News
Dates Pub: April 19, 26, May 03, 10, 2014
FICTITIOUS BUSINESS NAME STATEMENT
File No. 2014-101385
The following person(s) is (are) doing business as GENERAL PROMOTIONS, 3550 COGSWELL RD. UNIT J, EL MONTE, CA 91732. Full name of registrant(s) is (are) RAUL MUNOZ, 3550 COGSWELL RD. UNIT J, EL MONTE, CA 91732; RAUL ELOY MUNOZ ROMERO, 138 S. 6TH AVE., LA PUENTE, CA 91746. This Business is conducted by: A GENERAL PARTNERSHIP. Signed: RAUL ELOY MUNOZ ROMERO. This statement was filed with the County Clerk of Los Angeles County on 04/14/2014. The registrant(s) has (have) commenced to transact business under the fictitious business name or names listed above on N/A. NOTICE: This Fictitious Name Statement expires five years from the date it was filed in the office of the County Clerk. A new Fictitious Business Name Statement must be filed prior to that date. The filing of this statement does not of itself authorize the use in this state of a Fictitious Business Name in violation of the rights of another under Federal, State, or common law (See section 14411 et seq. Business and Professions Code)Publish: Mountain Views News
Dates Pub: April 19, 26, May 03, 10, 2014
FICTITIOUS BUSINESS NAME STATEMENT
File No. 2014-100887
The following person(s) is (are) doing business as GOOD ENERGY PROJECT, 3008 E. 3RD ST. #3, LONG BEACH, CA 90814. Full name of registrant(s) is (are) AARON GIBBS, 3008 E. 3RD ST. #3, LONG BEACH, CA 90814. This Business is conducted by: AN INDIVIDUAL.
Mountain Views News	80 W Sierra Madre Blvd. No. 327 Sierra Madre, Ca. 91024	Office: 626.355.2737 Fax: 626.609.3285 Email: editor@mtnviewsnews.com
